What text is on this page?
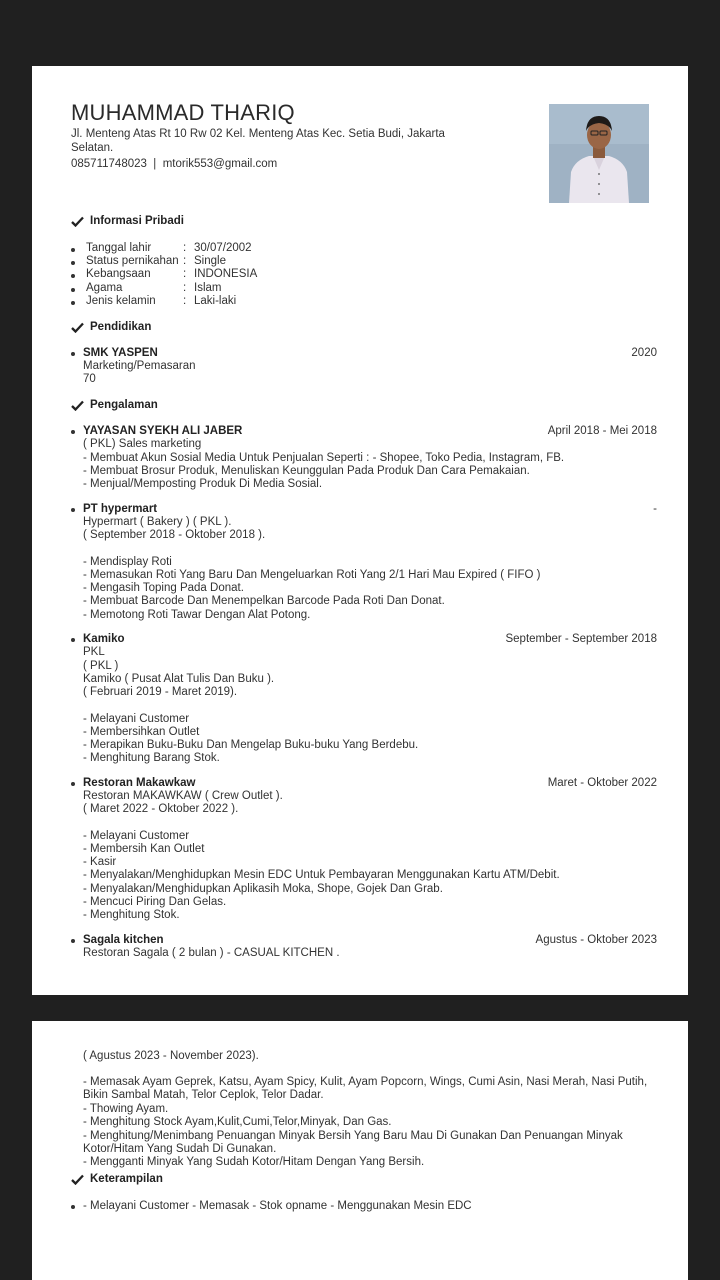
MUHAMMAD THARIQ
Jl. Menteng Atas Rt 10 Rw 02 Kel. Menteng Atas Kec. Setia Budi, Jakarta Selatan.
085711748023 | mtorik553@gmail.com
Informasi Pribadi
Tanggal lahir	: 30/07/2002
Status pernikahan : Single
Kebangsaan	: INDONESIA
Agama	: Islam
Jenis kelamin : Laki-laki
Pendidikan
SMK YASPEN	2020
Marketing/Pemasaran
70
Pengalaman
YAYASAN SYEKH ALI JABER	April 2018 - Mei 2018
( PKL) Sales marketing
- Membuat Akun Sosial Media Untuk Penjualan Seperti : - Shopee, Toko Pedia, Instagram, FB.
- Membuat Brosur Produk, Menuliskan Keunggulan Pada Produk Dan Cara Pemakaian.
- Menjual/Memposting Produk Di Media Sosial.
PT hypermart	-
Hypermart ( Bakery ) ( PKL ).
( September 2018 - Oktober 2018 ).
- Mendisplay Roti
- Memasukan Roti Yang Baru Dan Mengeluarkan Roti Yang 2/1 Hari Mau Expired ( FIFO )
- Mengasih Toping Pada Donat.
- Membuat Barcode Dan Menempelkan Barcode Pada Roti Dan Donat.
- Memotong Roti Tawar Dengan Alat Potong.
Kamiko	September - September 2018
PKL
( PKL )
Kamiko ( Pusat Alat Tulis Dan Buku ).
( Februari 2019 - Maret 2019).
- Melayani Customer
- Membersihkan Outlet
- Merapikan Buku-Buku Dan Mengelap Buku-buku Yang Berdebu.
- Menghitung Barang Stok.
Restoran Makawkaw	Maret - Oktober 2022
Restoran MAKAWKAW ( Crew Outlet ).
( Maret 2022 - Oktober 2022 ).
- Melayani Customer
- Membersih Kan Outlet
- Kasir
- Menyalakan/Menghidupkan Mesin EDC Untuk Pembayaran Menggunakan Kartu ATM/Debit.
- Menyalakan/Menghidupkan Aplikasih Moka, Shope, Gojek Dan Grab.
- Mencuci Piring Dan Gelas.
- Menghitung Stok.
Sagala kitchen	Agustus - Oktober 2023
Restoran Sagala ( 2 bulan ) - CASUAL KITCHEN .
( Agustus 2023 - November 2023).
- Memasak Ayam Geprek, Katsu, Ayam Spicy, Kulit, Ayam Popcorn, Wings, Cumi Asin, Nasi Merah, Nasi Putih, Bikin Sambal Matah, Telor Ceplok, Telor Dadar.
- Thowing Ayam.
- Menghitung Stock Ayam,Kulit,Cumi,Telor,Minyak, Dan Gas.
- Menghitung/Menimbang Penuangan Minyak Bersih Yang Baru Mau Di Gunakan Dan Penuangan Minyak Kotor/Hitam Yang Sudah Di Gunakan.
- Mengganti Minyak Yang Sudah Kotor/Hitam Dengan Yang Bersih.
Keterampilan
- Melayani Customer - Memasak - Stok opname - Menggunakan Mesin EDC
